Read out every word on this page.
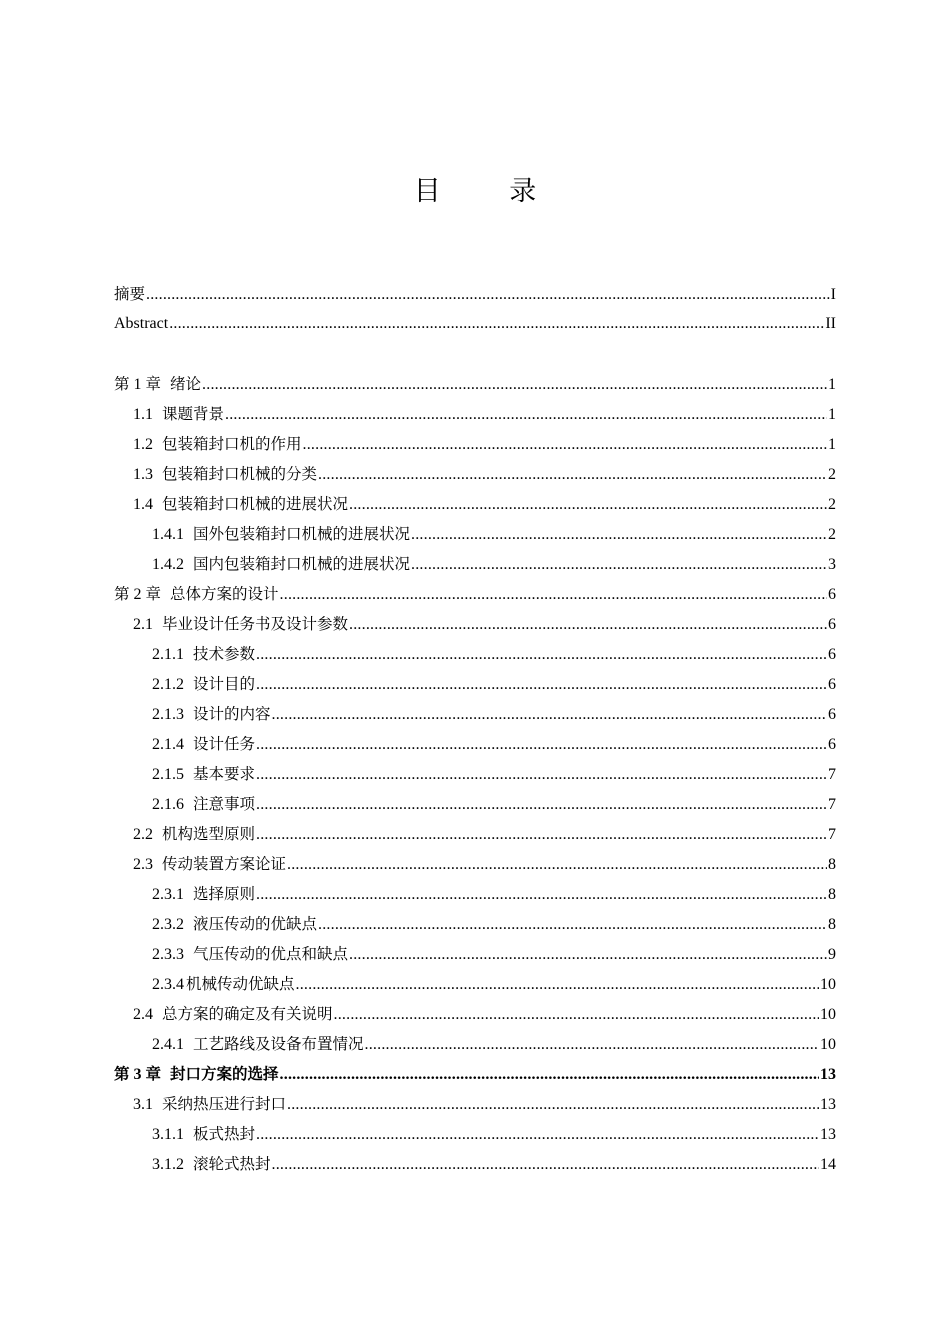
目 录
摘要 .....	I
Abstract .....	II
第 1 章 绪论 .....	1
1.1 课题背景 .....	1
1.2 包装箱封口机的作用 .....	1
1.3 包装箱封口机械的分类 .....	2
1.4 包装箱封口机械的进展状况 .....	2
1.4.1 国外包装箱封口机械的进展状况 .....	2
1.4.2 国内包装箱封口机械的进展状况 .....	3
第 2 章 总体方案的设计 .....	6
2.1 毕业设计任务书及设计参数 .....	6
2.1.1 技术参数 .....	6
2.1.2 设计目的 .....	6
2.1.3 设计的内容 .....	6
2.1.4 设计任务 .....	6
2.1.5 基本要求 .....	7
2.1.6 注意事项 .....	7
2.2 机构选型原则 .....	7
2.3 传动装置方案论证 .....	8
2.3.1 选择原则 .....	8
2.3.2 液压传动的优缺点 .....	8
2.3.3 气压传动的优点和缺点 .....	9
2.3.4 机械传动优缺点 .....	10
2.4 总方案的确定及有关说明 .....	10
2.4.1 工艺路线及设备布置情况 .....	10
第 3 章 封口方案的选择 .....	13
3.1 采纳热压进行封口 .....	13
3.1.1 板式热封 .....	13
3.1.2 滚轮式热封 .....	14
